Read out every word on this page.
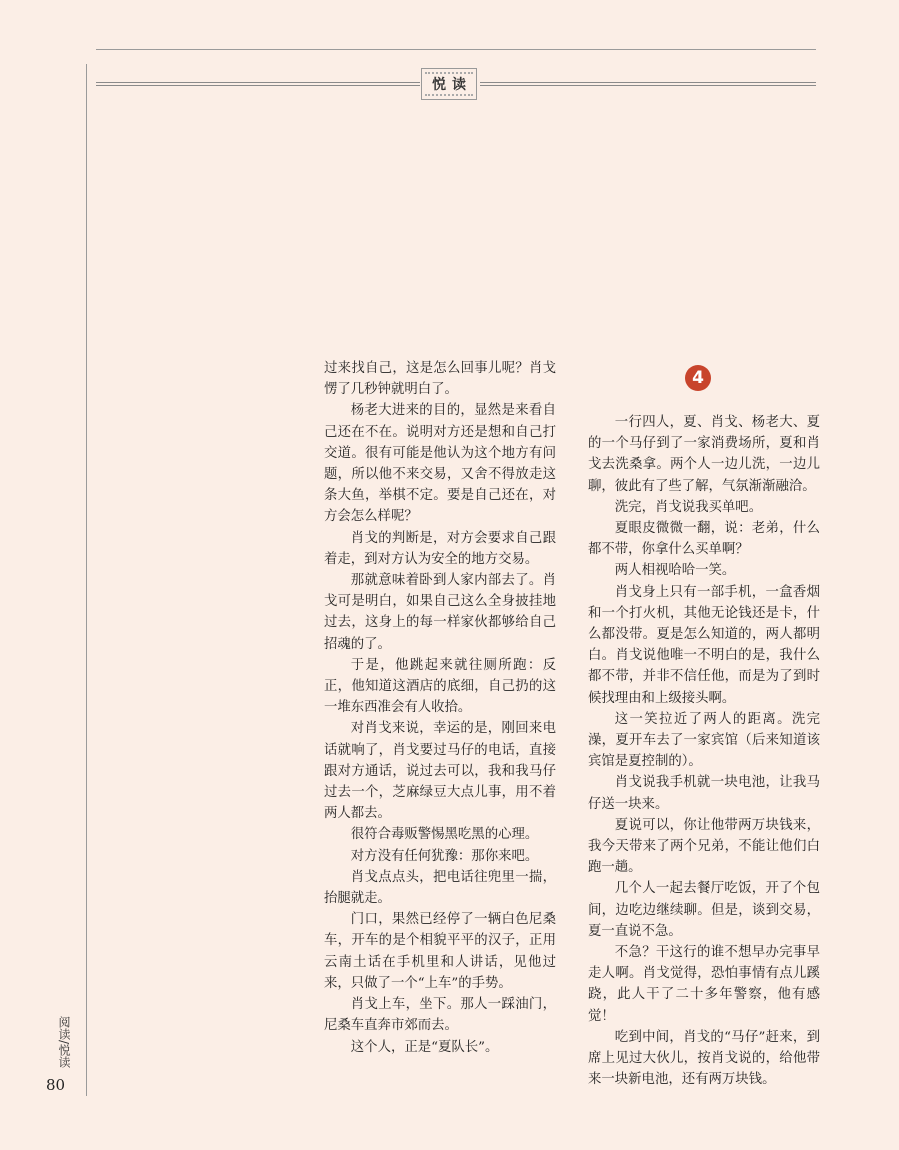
悦读
4

过来找自己，这是怎么回事儿呢？肖戈愣了几秒钟就明白了。

杨老大进来的目的，显然是来看自己还在不在。说明对方还是想和自己打交道。很有可能是他认为这个地方有问题，所以他不来交易，又舍不得放走这条大鱼，举棋不定。要是自己还在，对方会怎么样呢？

肖戈的判断是，对方会要求自己跟着走，到对方认为安全的地方交易。

那就意味着卧到人家内部去了。肖戈可是明白，如果自己这么全身披挂地过去，这身上的每一样家伙都够给自己招魂的了。

于是，他跳起来就往厕所跑：反正，他知道这酒店的底细，自己扔的这一堆东西准会有人收拾。

对肖戈来说，幸运的是，刚回来电话就响了，肖戈要过马仔的电话，直接跟对方通话，说过去可以，我和我马仔过去一个，芝麻绿豆大点儿事，用不着两人都去。

很符合毒贩警惕黑吃黑的心理。

对方没有任何犹豫：那你来吧。

肖戈点点头，把电话往兜里一揣，抬腿就走。

门口，果然已经停了一辆白色尼桑车，开车的是个相貌平平的汉子，正用云南土话在手机里和人讲话，见他过来，只做了一个“上车”的手势。

肖戈上车，坐下。那人一踩油门，尼桑车直奔市郊而去。

这个人，正是“夏队长”。

一行四人，夏、肖戈、杨老大、夏的一个马仔到了一家消费场所，夏和肖戈去洗桑拿。两个人一边儿洗，一边儿聊，彼此有了些了解，气氛渐渐融洽。

洗完，肖戈说我买单吧。

夏眼皮微微一翻，说：老弟，什么都不带，你拿什么买单啊？

两人相视哈哈一笑。

肖戈身上只有一部手机，一盒香烟和一个打火机，其他无论钱还是卡，什么都没带。夏是怎么知道的，两人都明白。肖戈说他唯一不明白的是，我什么都不带，并非不信任他，而是为了到时候找理由和上级接头啊。

这一笑拉近了两人的距离。洗完澡，夏开车去了一家宾馆（后来知道该宾馆是夏控制的）。

肖戈说我手机就一块电池，让我马仔送一块来。

夏说可以，你让他带两万块钱来，我今天带来了两个兄弟，不能让他们白跑一趟。

几个人一起去餐厅吃饭，开了个包间，边吃边继续聊。但是，谈到交易，夏一直说不急。

不急？干这行的谁不想早办完事早走人啊。肖戈觉得，恐怕事情有点儿蹊跷，此人干了二十多年警察，他有感觉！

吃到中间，肖戈的“马仔”赶来，到席上见过大伙儿，按肖戈说的，给他带来一块新电池，还有两万块钱。

阅读/悦读
80
